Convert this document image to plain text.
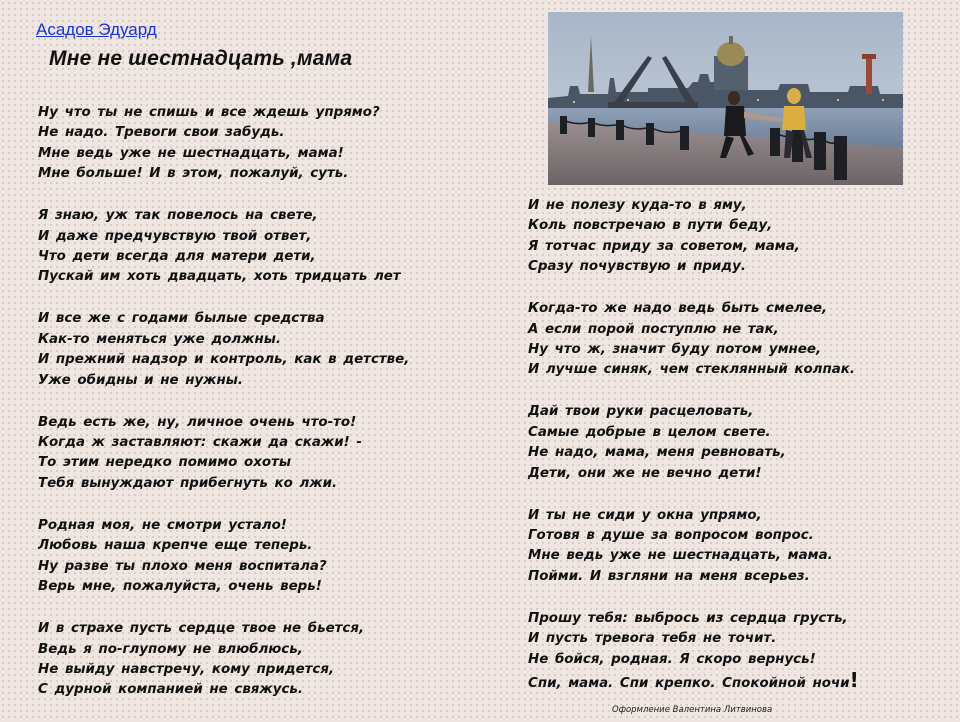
Асадов Эдуард
Мне не шестнадцать ,мама
Ну что ты не спишь и все ждешь упрямо?
Не надо. Тревоги свои забудь.
Мне ведь уже не шестнадцать, мама!
Мне больше! И в этом, пожалуй, суть.
Я знаю, уж так повелось на свете,
И даже предчувствую твой ответ,
Что дети всегда для матери дети,
Пускай им хоть двадцать, хоть тридцать лет
И все же с годами былые средства
Как-то меняться уже должны.
И прежний надзор и контроль, как в детстве,
Уже обидны и не нужны.
Ведь есть же, ну, личное очень что-то!
Когда ж заставляют: скажи да скажи! -
То этим нередко помимо охоты
Тебя вынуждают прибегнуть ко лжи.
Родная моя, не смотри устало!
Любовь наша крепче еще теперь.
Ну разве ты плохо меня воспитала?
Верь мне, пожалуйста, очень верь!
И в страхе пусть сердце твое не бьется,
Ведь я по-глупому не влюблюсь,
Не выйду навстречу, кому придется,
С дурной компанией не свяжусь.
И не полезу куда-то в яму,
Коль повстречаю в пути беду,
Я тотчас приду за советом, мама,
Сразу почувствую и приду.
Когда-то же надо ведь быть смелее,
А если порой поступлю не так,
Ну что ж, значит буду потом умнее,
И лучше синяк, чем стеклянный колпак.
Дай твои руки расцеловать,
Самые добрые в целом свете.
Не надо, мама, меня ревновать,
Дети, они же не вечно дети!
И ты не сиди у окна упрямо,
Готовя в душе за вопросом вопрос.
Мне ведь уже не шестнадцать, мама.
Пойми. И взгляни на меня всерьез.
Прошу тебя: выбрось из сердца грусть,
И пусть тревога тебя не точит.
Не бойся, родная. Я скоро вернусь!
Спи, мама. Спи крепко. Спокойной ночи!
Оформление Валентина Литвинова
